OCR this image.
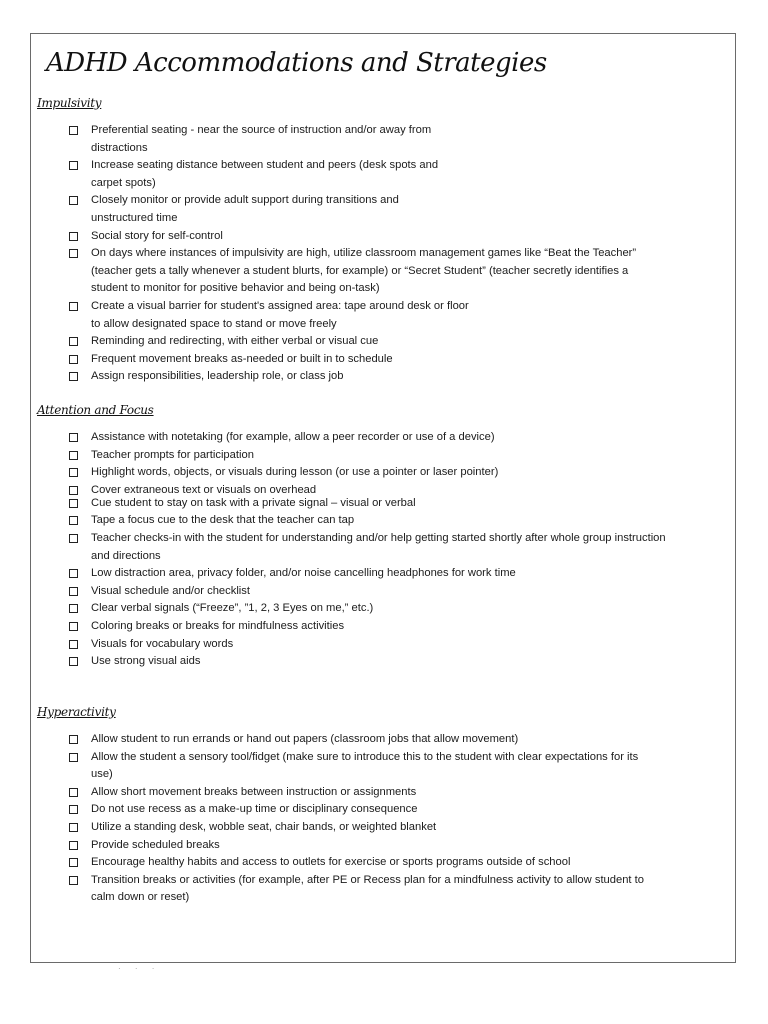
ADHD Accommodations and Strategies
Impulsivity
Preferential seating - near the source of instruction and/or away from
distractions
Increase seating distance between student and peers (desk spots and
carpet spots)
Closely monitor or provide adult support during transitions and
unstructured time
Social story for self-control
On days where instances of impulsivity are high, utilize classroom management games like “Beat the Teacher”
(teacher gets a tally whenever a student blurts, for example) or “Secret Student” (teacher secretly identifies a
student to monitor for positive behavior and being on-task)
Create a visual barrier for student's assigned area: tape around desk or floor
to allow designated space to stand or move freely
Reminding and redirecting, with either verbal or visual cue
Frequent movement breaks as-needed or built in to schedule
Assign responsibilities, leadership role, or class job
Attention and Focus
Assistance with notetaking (for example, allow a peer recorder or use of a device)
Teacher prompts for participation
Highlight words, objects, or visuals during lesson (or use a pointer or laser pointer)
Cover extraneous text or visuals on overhead
Cue student to stay on task with a private signal – visual or verbal
Tape a focus cue to the desk that the teacher can tap
Teacher checks-in with the student for understanding and/or help getting started shortly after whole group instruction
and directions
Low distraction area, privacy folder, and/or noise cancelling headphones for work time
Visual schedule and/or checklist
Clear verbal signals (“Freeze”, ”1, 2, 3 Eyes on me,” etc.)
Coloring breaks or breaks for mindfulness activities
Visuals for vocabulary words
Use strong visual aids
Hyperactivity
Allow student to run errands or hand out papers (classroom jobs that allow movement)
Allow the student a sensory tool/fidget (make sure to introduce this to the student with clear expectations for its
use)
Allow short movement breaks between instruction or assignments
Do not use recess as a make-up time or disciplinary consequence
Utilize a standing desk, wobble seat, chair bands, or weighted blanket
Provide scheduled breaks
Encourage healthy habits and access to outlets for exercise or sports programs outside of school
Transition breaks or activities (for example, after PE or Recess plan for a mindfulness activity to allow student to
calm down or reset)
· · ·
